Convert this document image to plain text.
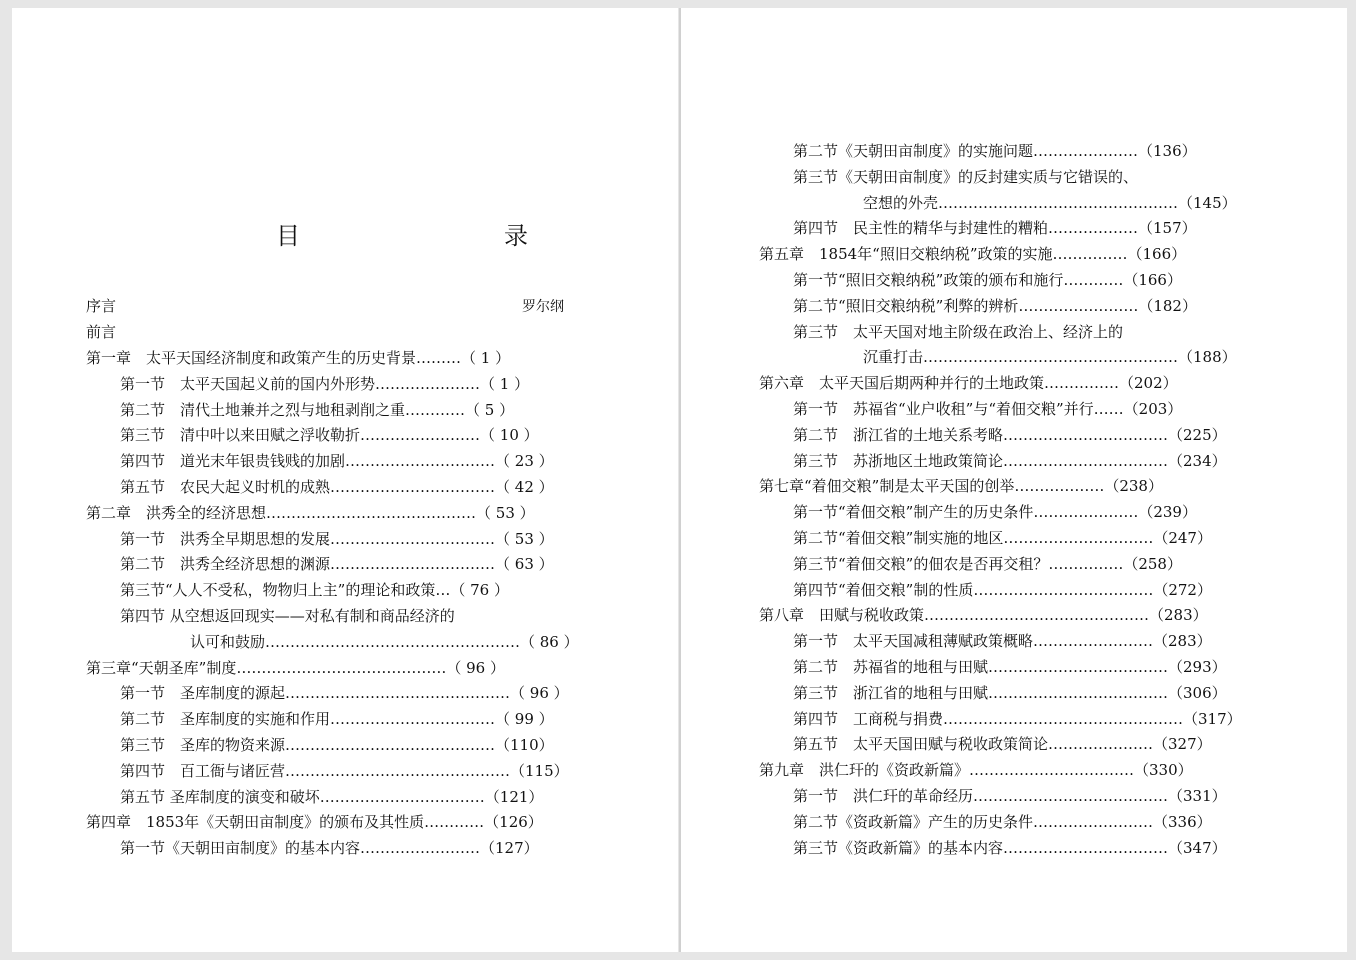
目　　录
序言	罗尔纲
前言
第一章　太平天国经济制度和政策产生的历史背景………（ 1 ）
第一节　太平天国起义前的国内外形势…………………（ 1 ）
第二节　清代土地兼并之烈与地租剥削之重…………（ 5 ）
第三节　清中叶以来田赋之浮收勒折……………………（ 10 ）
第四节　道光末年银贵钱贱的加剧…………………………（ 23 ）
第五节　农民大起义时机的成熟……………………………（ 42 ）
第二章　洪秀全的经济思想……………………………………（ 53 ）
第一节　洪秀全早期思想的发展……………………………（ 53 ）
第二节　洪秀全经济思想的渊源……………………………（ 63 ）
第三节“人人不受私，物物归上主”的理论和政策…（ 76 ）
第四节 从空想返回现实——对私有制和商品经济的
认可和鼓励……………………………………………（ 86 ）
第三章“天朝圣库”制度……………………………………（ 96 ）
第一节　圣库制度的源起………………………………………（ 96 ）
第二节　圣库制度的实施和作用……………………………（ 99 ）
第三节　圣库的物资来源……………………………………（110）
第四节　百工衙与诸匠营………………………………………（115）
第五节 圣库制度的演变和破坏……………………………（121）
第四章　1853年《天朝田亩制度》的颁布及其性质…………（126）
第一节《天朝田亩制度》的基本内容……………………（127）
第二节《天朝田亩制度》的实施问题…………………（136）
第三节《天朝田亩制度》的反封建实质与它错误的、
空想的外壳…………………………………………（145）
第四节　民主性的精华与封建性的糟粕………………（157）
第五章　1854年“照旧交粮纳税”政策的实施……………（166）
第一节“照旧交粮纳税”政策的颁布和施行…………（166）
第二节“照旧交粮纳税”利弊的辨析……………………（182）
第三节　太平天国对地主阶级在政治上、经济上的
沉重打击……………………………………………（188）
第六章　太平天国后期两种并行的土地政策……………（202）
第一节　苏福省“业户收租”与“着佃交粮”并行……（203）
第二节　浙江省的土地关系考略……………………………（225）
第三节　苏浙地区土地政策简论……………………………（234）
第七章“着佃交粮”制是太平天国的创举………………（238）
第一节“着佃交粮”制产生的历史条件…………………（239）
第二节“着佃交粮”制实施的地区…………………………（247）
第三节“着佃交粮”的佃农是否再交租？……………（258）
第四节“着佃交粮”制的性质………………………………（272）
第八章　田赋与税收政策………………………………………（283）
第一节　太平天国减租薄赋政策概略……………………（283）
第二节　苏福省的地租与田赋………………………………（293）
第三节　浙江省的地租与田赋………………………………（306）
第四节　工商税与捐费…………………………………………（317）
第五节　太平天国田赋与税收政策简论…………………（327）
第九章　洪仁玕的《资政新篇》……………………………（330）
第一节　洪仁玕的革命经历…………………………………（331）
第二节《资政新篇》产生的历史条件……………………（336）
第三节《资政新篇》的基本内容……………………………（347）
